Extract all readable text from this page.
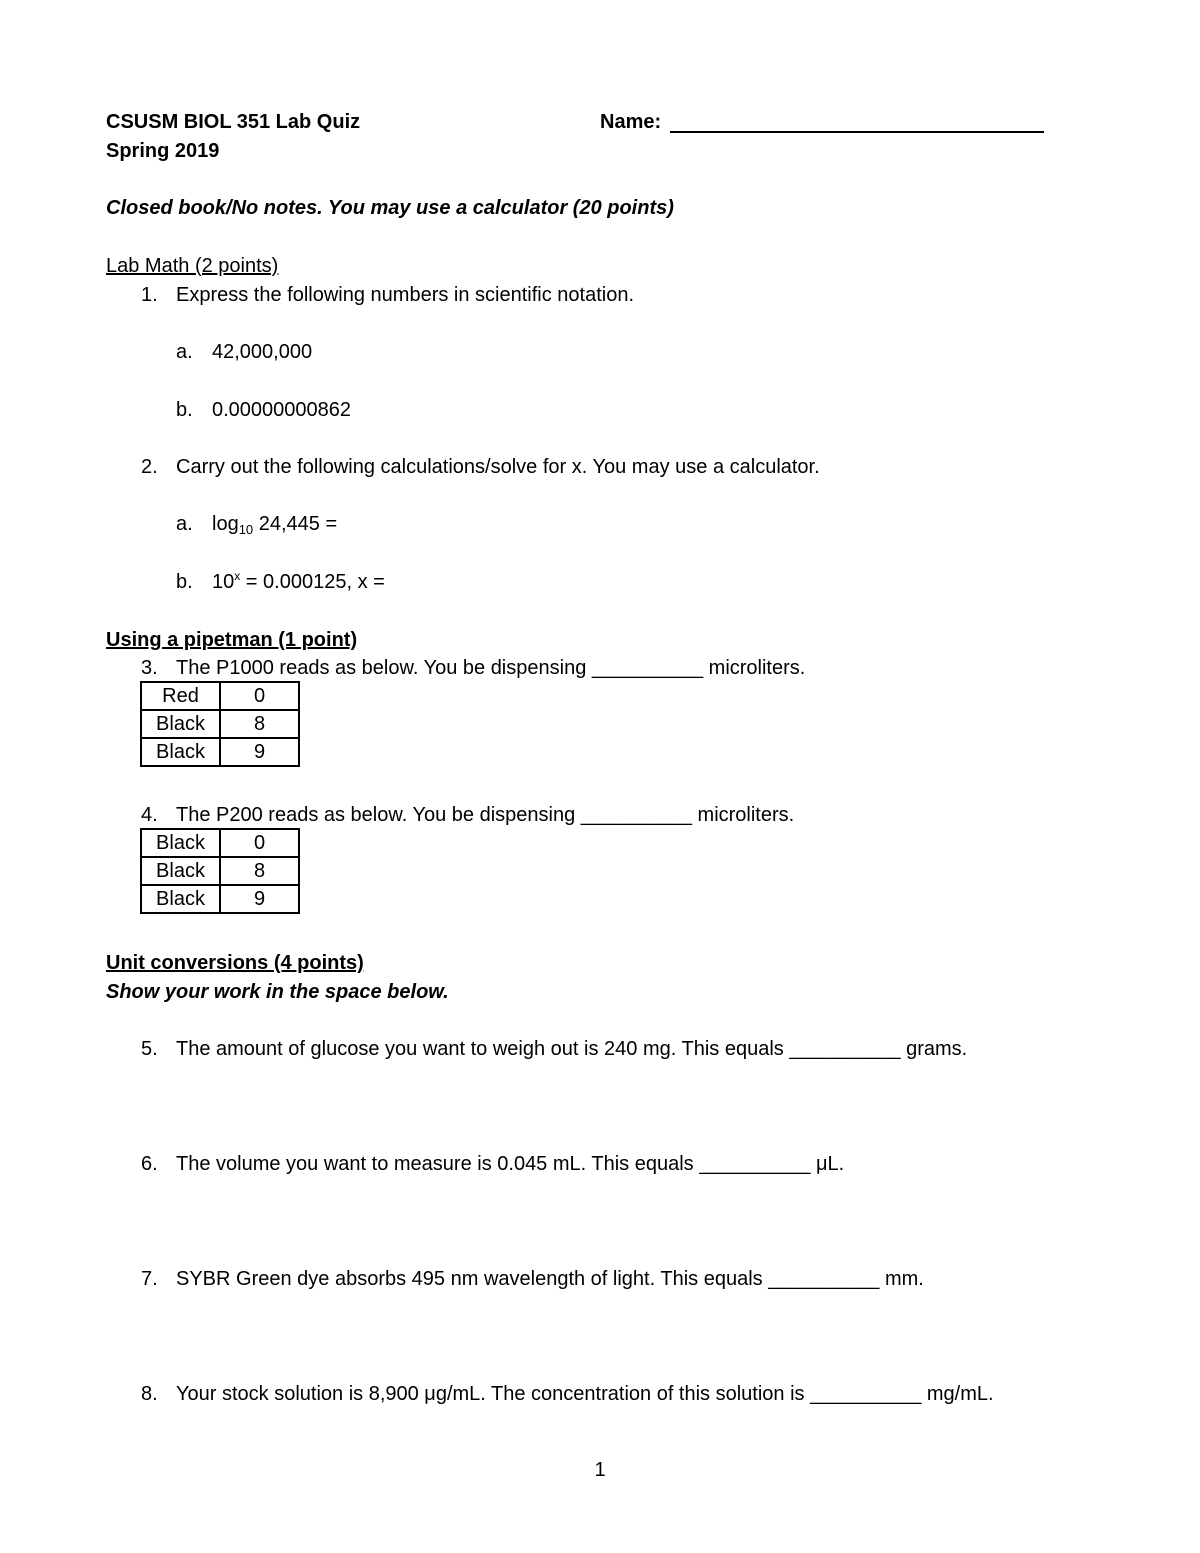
CSUSM BIOL 351 Lab Quiz
Spring 2019
Name:
Closed book/No notes. You may use a calculator (20 points)
Lab Math (2 points)
1. Express the following numbers in scientific notation.
a. 42,000,000
b. 0.00000000862
2. Carry out the following calculations/solve for x. You may use a calculator.
a. $\log_{10} 24,445$ =
b. $10^x = 0.000125$, x =
Using a pipetman (1 point)
3. The P1000 reads as below. You be dispensing __________ microliters.
Red	0
Black	8
Black	9
4. The P200 reads as below. You be dispensing __________ microliters.
Black	0
Black	8
Black	9
Unit conversions (4 points)
Show your work in the space below.
5. The amount of glucose you want to weigh out is 240 mg. This equals __________ grams.
6. The volume you want to measure is 0.045 mL. This equals __________ μL.
7. SYBR Green dye absorbs 495 nm wavelength of light. This equals __________ mm.
8. Your stock solution is 8,900 μg/mL. The concentration of this solution is __________ mg/mL.
1
